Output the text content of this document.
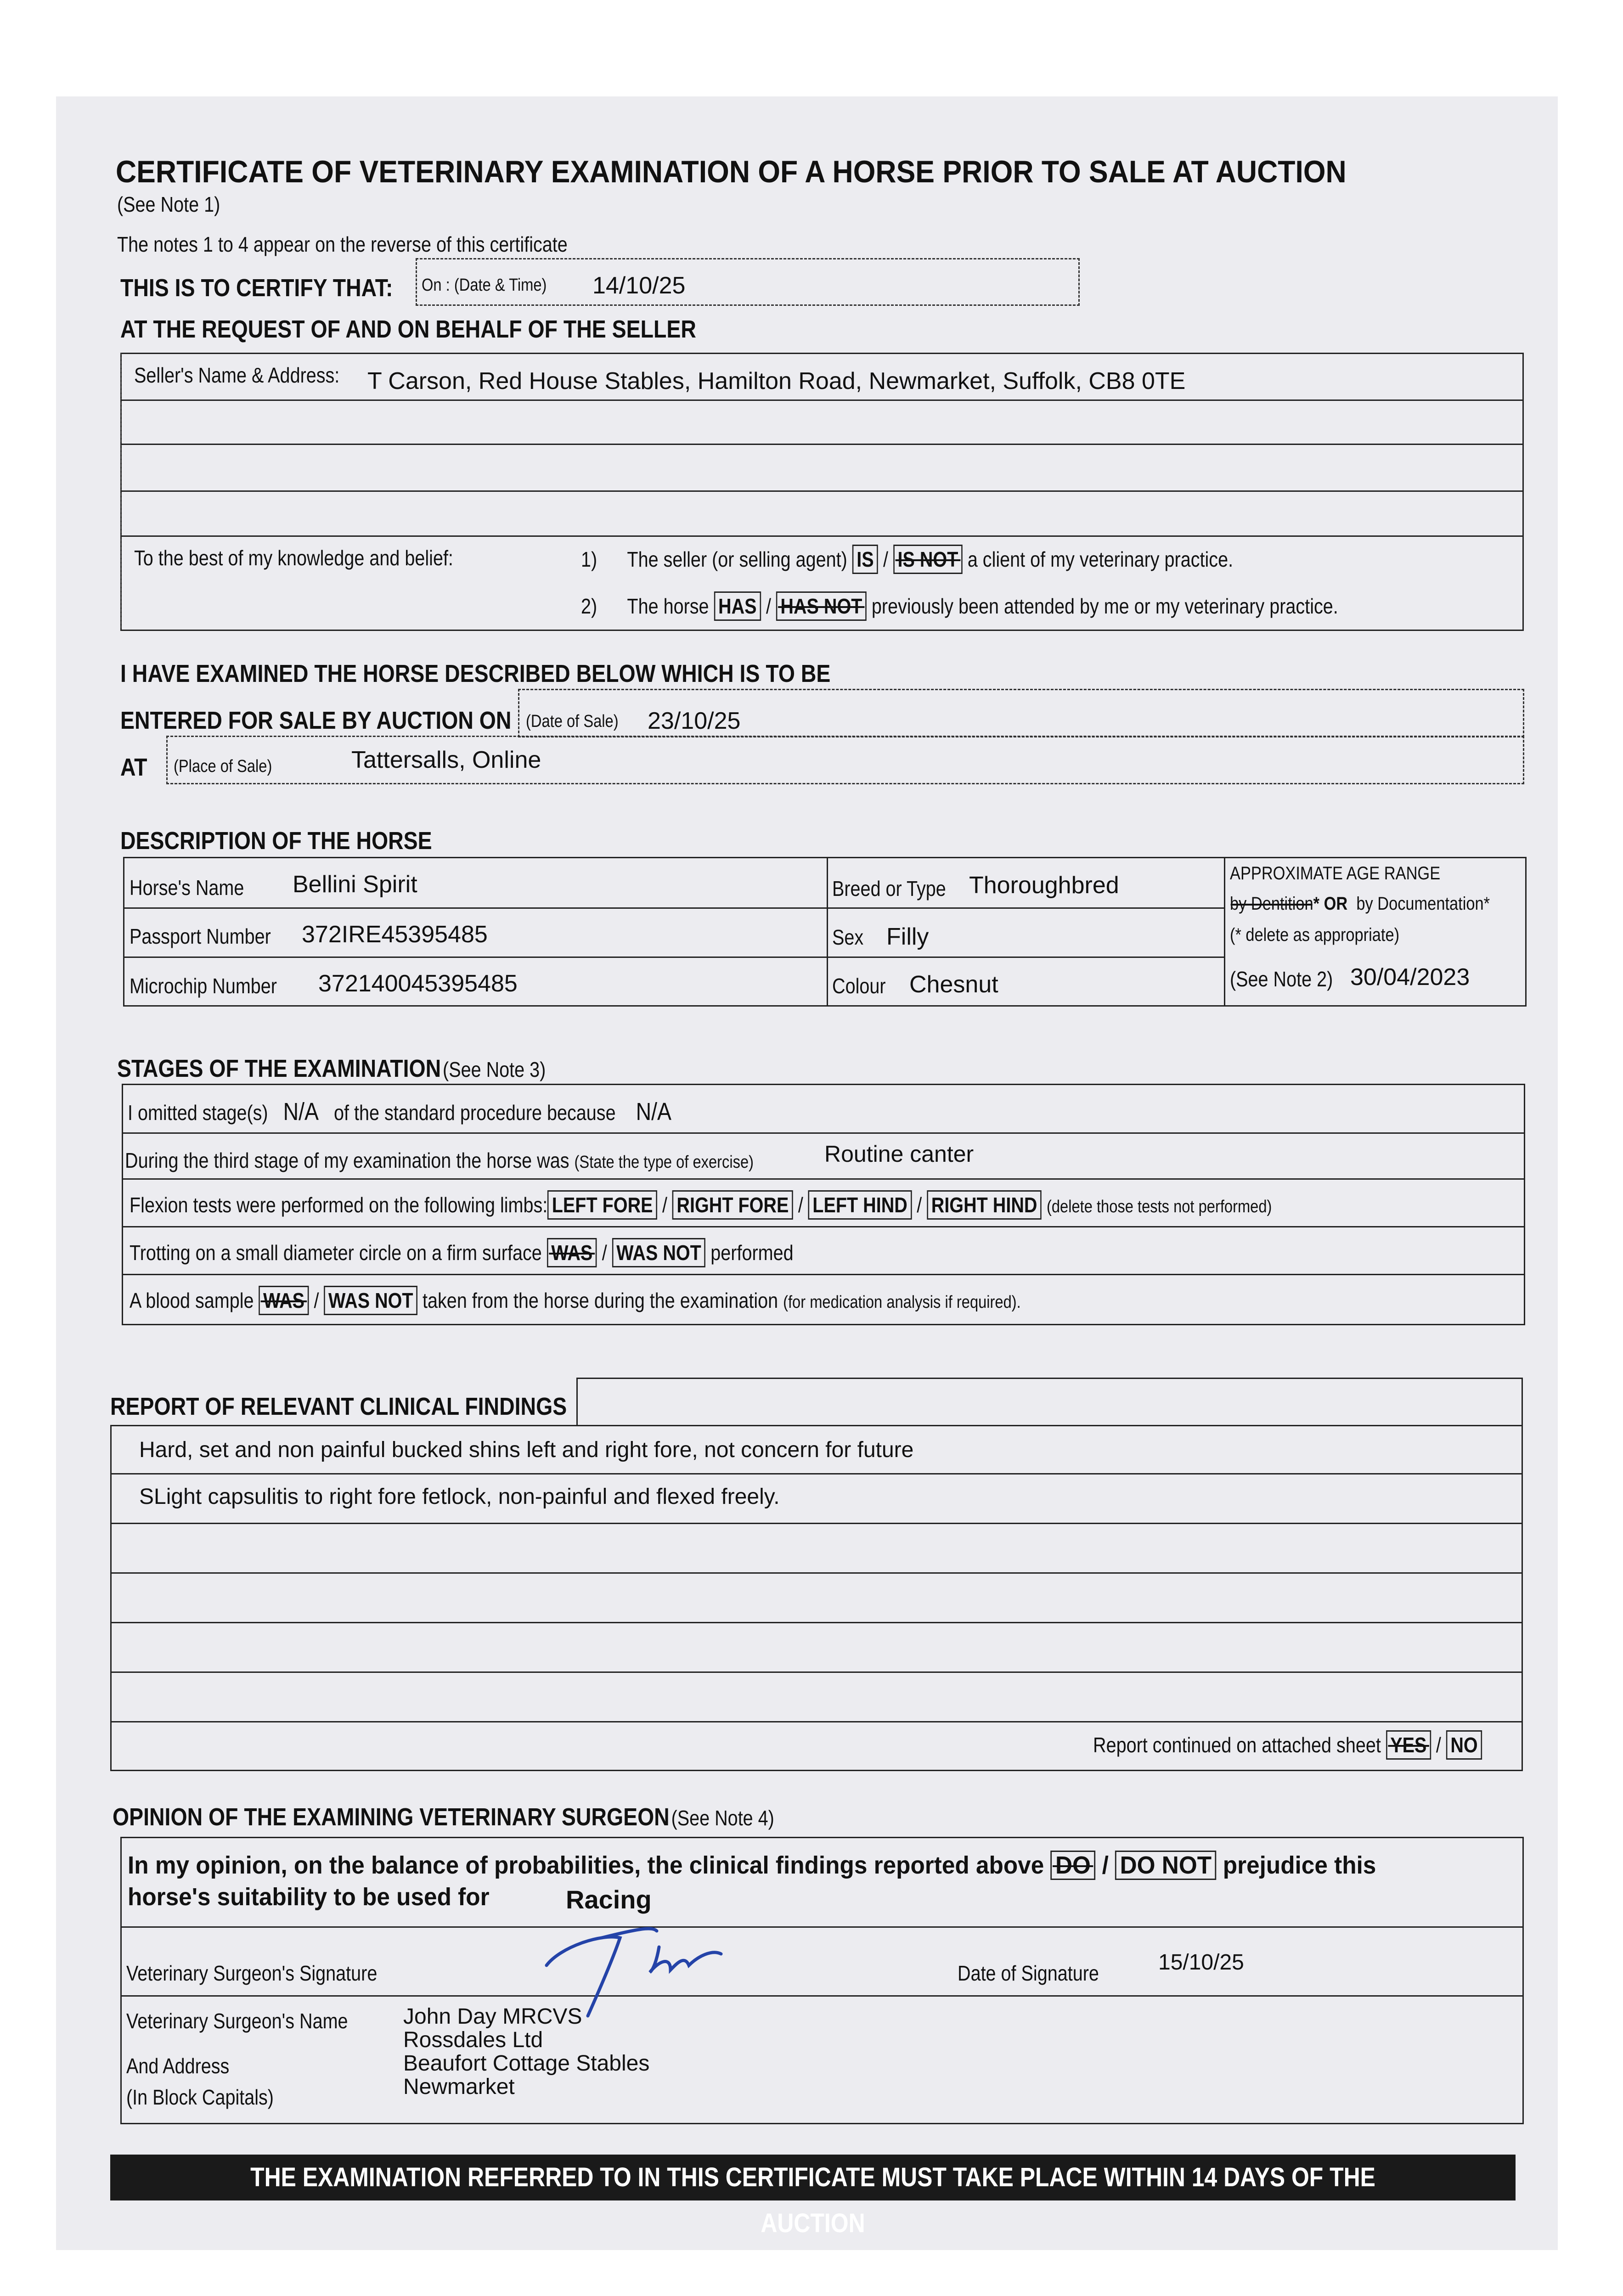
CERTIFICATE OF VETERINARY EXAMINATION OF A HORSE PRIOR TO SALE AT AUCTION
(See Note 1)
The notes 1 to 4 appear on the reverse of this certificate
THIS IS TO CERTIFY THAT: On : (Date & Time) 14/10/25
AT THE REQUEST OF AND ON BEHALF OF THE SELLER
Seller's Name & Address: T Carson, Red House Stables, Hamilton Road, Newmarket, Suffolk, CB8 0TE
To the best of my knowledge and belief:	1) The seller (or selling agent) IS / IS NOT a client of my veterinary practice.
2) The horse HAS / HAS NOT previously been attended by me or my veterinary practice.
I HAVE EXAMINED THE HORSE DESCRIBED BELOW WHICH IS TO BE
ENTERED FOR SALE BY AUCTION ON (Date of Sale) 23/10/25
AT (Place of Sale)	Tattersalls, Online
DESCRIPTION OF THE HORSE
Horse's Name Bellini Spirit
Passport Number 372IRE45395485
Microchip Number 372140045395485
Breed or Type Thoroughbred
Sex Filly
Colour Chesnut
APPROXIMATE AGE RANGE
by Dentition* OR by Documentation*
(* delete as appropriate)
(See Note 2) 30/04/2023
STAGES OF THE EXAMINATION (See Note 3)
I omitted stage(s) N/A of the standard procedure because N/A
During the third stage of my examination the horse was (State the type of exercise)	Routine canter
Flexion tests were performed on the following limbs: LEFT FORE / RIGHT FORE / LEFT HIND / RIGHT HIND (delete those tests not performed)
Trotting on a small diameter circle on a firm surface WAS / WAS NOT performed
A blood sample WAS / WAS NOT taken from the horse during the examination (for medication analysis if required).
REPORT OF RELEVANT CLINICAL FINDINGS
Hard, set and non painful bucked shins left and right fore, not concern for future
SLight capsulitis to right fore fetlock, non-painful and flexed freely.
Report continued on attached sheet YES / NO
OPINION OF THE EXAMINING VETERINARY SURGEON (See Note 4)
In my opinion, on the balance of probabilities, the clinical findings reported above DO / DO NOT prejudice this
horse's suitability to be used for	Racing
Veterinary Surgeon's Signature	Date of Signature	15/10/25
Veterinary Surgeon's Name
And Address
(In Block Capitals)
John Day MRCVS
Rossdales Ltd
Beaufort Cottage Stables
Newmarket
THE EXAMINATION REFERRED TO IN THIS CERTIFICATE MUST TAKE PLACE WITHIN 14 DAYS OF THE AUCTION
